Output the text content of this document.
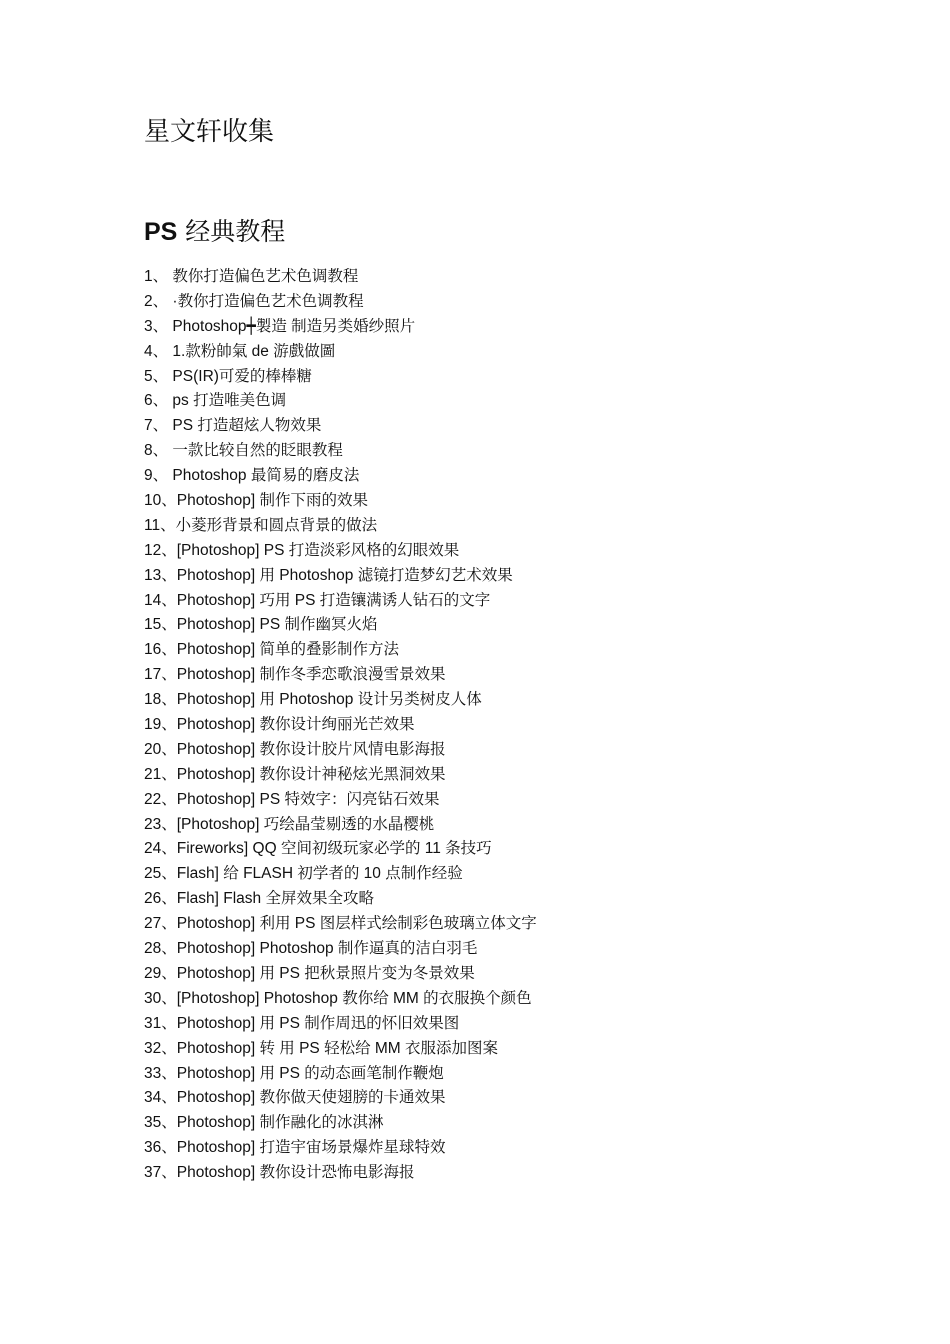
星文轩收集
PS 经典教程
1、 教你打造偏色艺术色调教程
2、 ·教你打造偏色艺术色调教程
3、 Photoshop┿製造 制造另类婚纱照片
4、 1.款粉帥氣 de 游戲做圖
5、 PS(IR)可爱的棒棒糖
6、 ps 打造唯美色调
7、 PS 打造超炫人物效果
8、 一款比较自然的眨眼教程
9、 Photoshop 最简易的磨皮法
10、Photoshop] 制作下雨的效果
11、小菱形背景和圆点背景的做法
12、[Photoshop] PS 打造淡彩风格的幻眼效果
13、Photoshop] 用 Photoshop 滤镜打造梦幻艺术效果
14、Photoshop] 巧用 PS 打造镶满诱人钻石的文字
15、Photoshop] PS 制作幽冥火焰
16、Photoshop] 简单的叠影制作方法
17、Photoshop] 制作冬季恋歌浪漫雪景效果
18、Photoshop] 用 Photoshop 设计另类树皮人体
19、Photoshop] 教你设计绚丽光芒效果
20、Photoshop] 教你设计胶片风情电影海报
21、Photoshop] 教你设计神秘炫光黑洞效果
22、Photoshop] PS 特效字：闪亮钻石效果
23、[Photoshop] 巧绘晶莹剔透的水晶樱桃
24、Fireworks] QQ 空间初级玩家必学的 11 条技巧
25、Flash] 给 FLASH 初学者的 10 点制作经验
26、Flash] Flash 全屏效果全攻略
27、Photoshop] 利用 PS 图层样式绘制彩色玻璃立体文字
28、Photoshop] Photoshop 制作逼真的洁白羽毛
29、Photoshop] 用 PS 把秋景照片变为冬景效果
30、[Photoshop] Photoshop 教你给 MM 的衣服换个颜色
31、Photoshop] 用 PS 制作周迅的怀旧效果图
32、Photoshop] 转 用 PS 轻松给 MM 衣服添加图案
33、Photoshop] 用 PS 的动态画笔制作鞭炮
34、Photoshop] 教你做天使翅膀的卡通效果
35、Photoshop] 制作融化的冰淇淋
36、Photoshop] 打造宇宙场景爆炸星球特效
37、Photoshop] 教你设计恐怖电影海报
